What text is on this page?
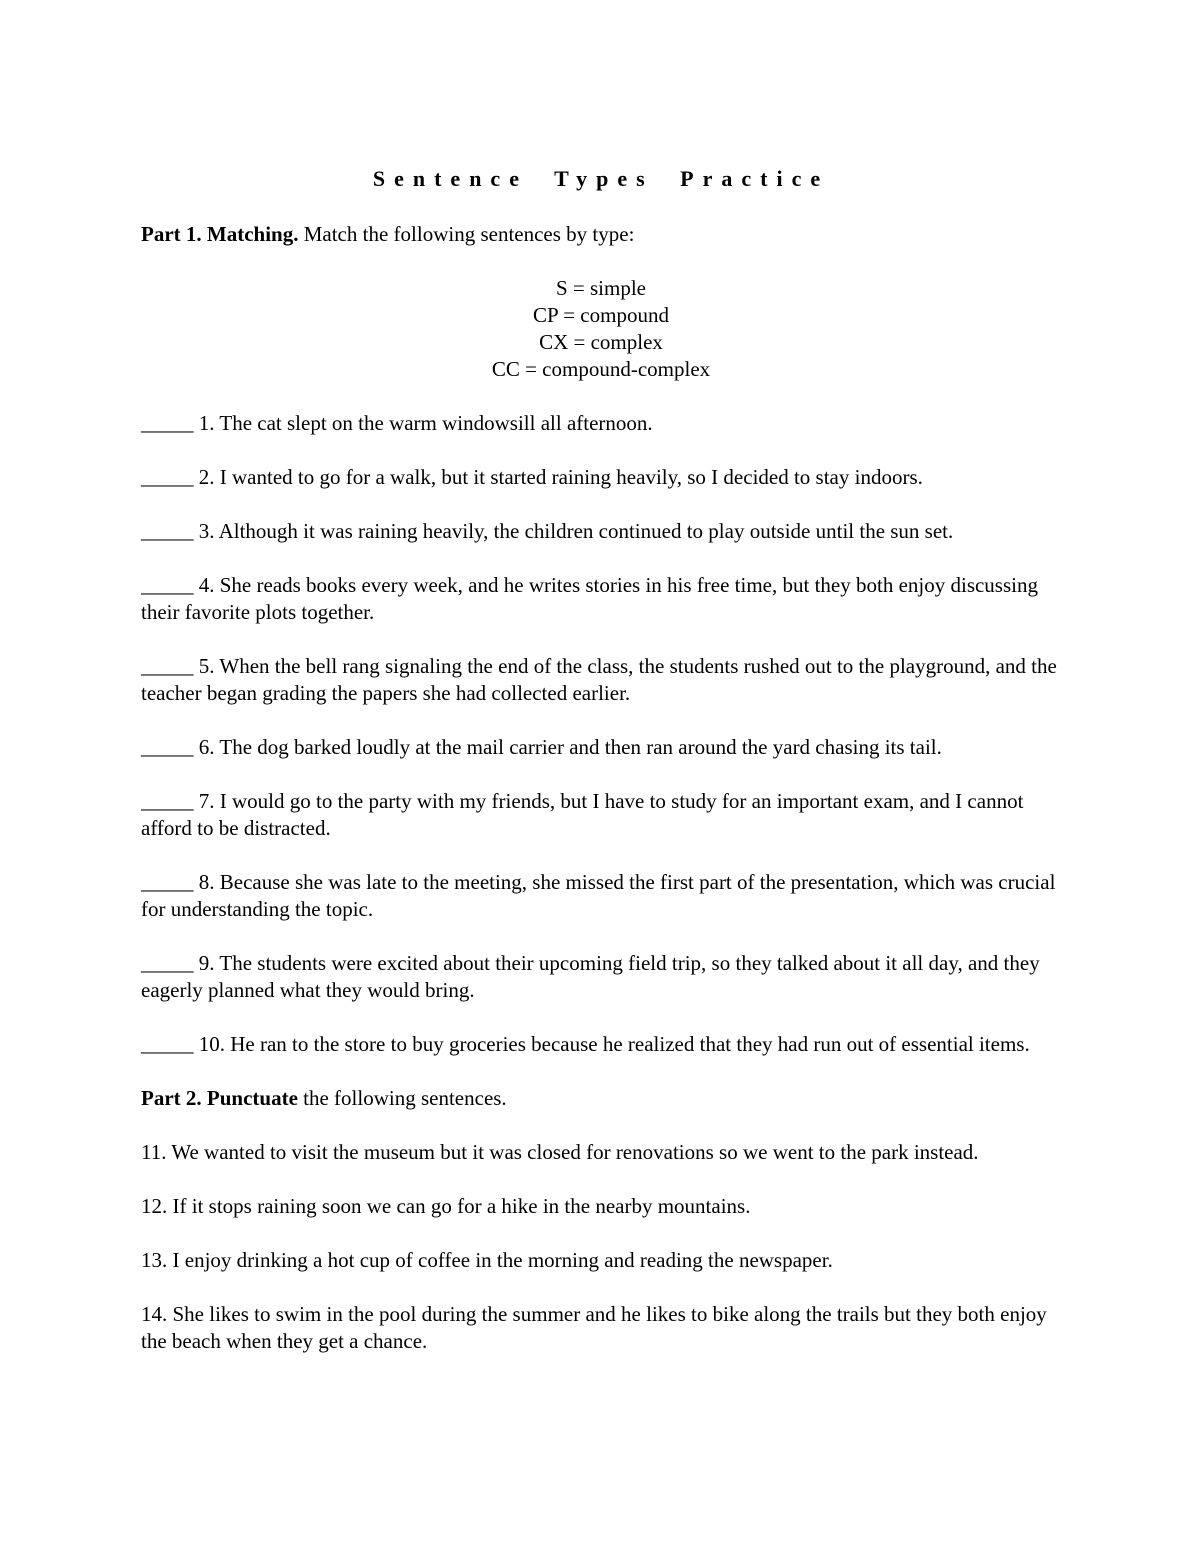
Sentence Types Practice
Part 1. Matching. Match the following sentences by type:
S = simple
CP = compound
CX = complex
CC = compound-complex
_____ 1. The cat slept on the warm windowsill all afternoon.
_____ 2. I wanted to go for a walk, but it started raining heavily, so I decided to stay indoors.
_____ 3. Although it was raining heavily, the children continued to play outside until the sun set.
_____ 4. She reads books every week, and he writes stories in his free time, but they both enjoy discussing their favorite plots together.
_____ 5. When the bell rang signaling the end of the class, the students rushed out to the playground, and the teacher began grading the papers she had collected earlier.
_____ 6. The dog barked loudly at the mail carrier and then ran around the yard chasing its tail.
_____ 7. I would go to the party with my friends, but I have to study for an important exam, and I cannot afford to be distracted.
_____ 8. Because she was late to the meeting, she missed the first part of the presentation, which was crucial for understanding the topic.
_____ 9. The students were excited about their upcoming field trip, so they talked about it all day, and they eagerly planned what they would bring.
_____ 10. He ran to the store to buy groceries because he realized that they had run out of essential items.
Part 2. Punctuate the following sentences.
11. We wanted to visit the museum but it was closed for renovations so we went to the park instead.
12. If it stops raining soon we can go for a hike in the nearby mountains.
13. I enjoy drinking a hot cup of coffee in the morning and reading the newspaper.
14. She likes to swim in the pool during the summer and he likes to bike along the trails but they both enjoy the beach when they get a chance.
